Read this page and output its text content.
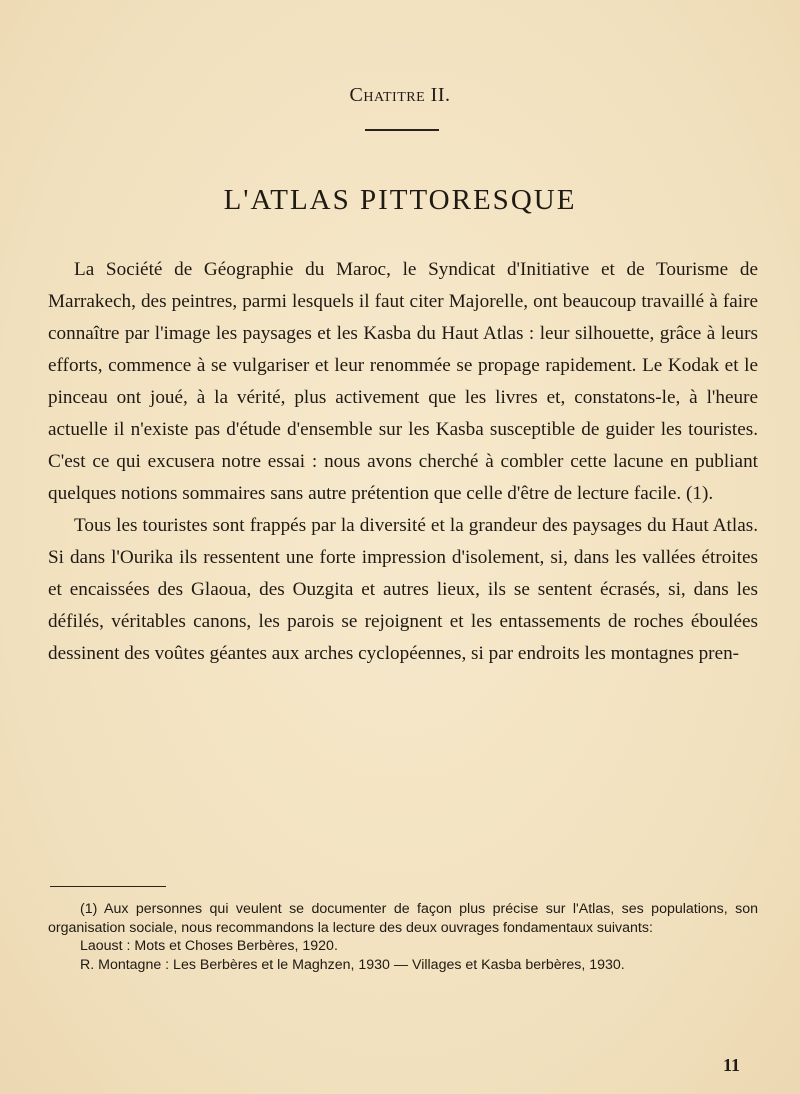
Chatitre II.
L'ATLAS PITTORESQUE

La Société de Géographie du Maroc, le Syndicat d'Initiative et de Tourisme de Marrakech, des peintres, parmi lesquels il faut citer Majorelle, ont beaucoup travaillé à faire connaître par l'image les paysages et les Kasba du Haut Atlas : leur silhouette, grâce à leurs efforts, commence à se vulgariser et leur renommée se propage rapidement. Le Kodak et le pinceau ont joué, à la vérité, plus activement que les livres et, constatons-le, à l'heure actuelle il n'existe pas d'étude d'ensemble sur les Kasba susceptible de guider les touristes. C'est ce qui excusera notre essai : nous avons cherché à combler cette lacune en publiant quelques notions sommaires sans autre prétention que celle d'être de lecture facile. (1).

Tous les touristes sont frappés par la diversité et la grandeur des paysages du Haut Atlas. Si dans l'Ourika ils ressentent une forte impression d'isolement, si, dans les vallées étroites et encaissées des Glaoua, des Ouzgita et autres lieux, ils se sentent écrasés, si, dans les défilés, véritables canons, les parois se rejoignent et les entassements de roches éboulées dessinent des voûtes géantes aux arches cyclopéennes, si par endroits les montagnes pren-

(1) Aux personnes qui veulent se documenter de façon plus précise sur l'Atlas, ses populations, son organisation sociale, nous recommandons la lecture des deux ouvrages fondamentaux suivants:

Laoust : Mots et Choses Berbères, 1920.

R. Montagne : Les Berbères et le Maghzen, 1930 — Villages et Kasba berbères, 1930.

11
